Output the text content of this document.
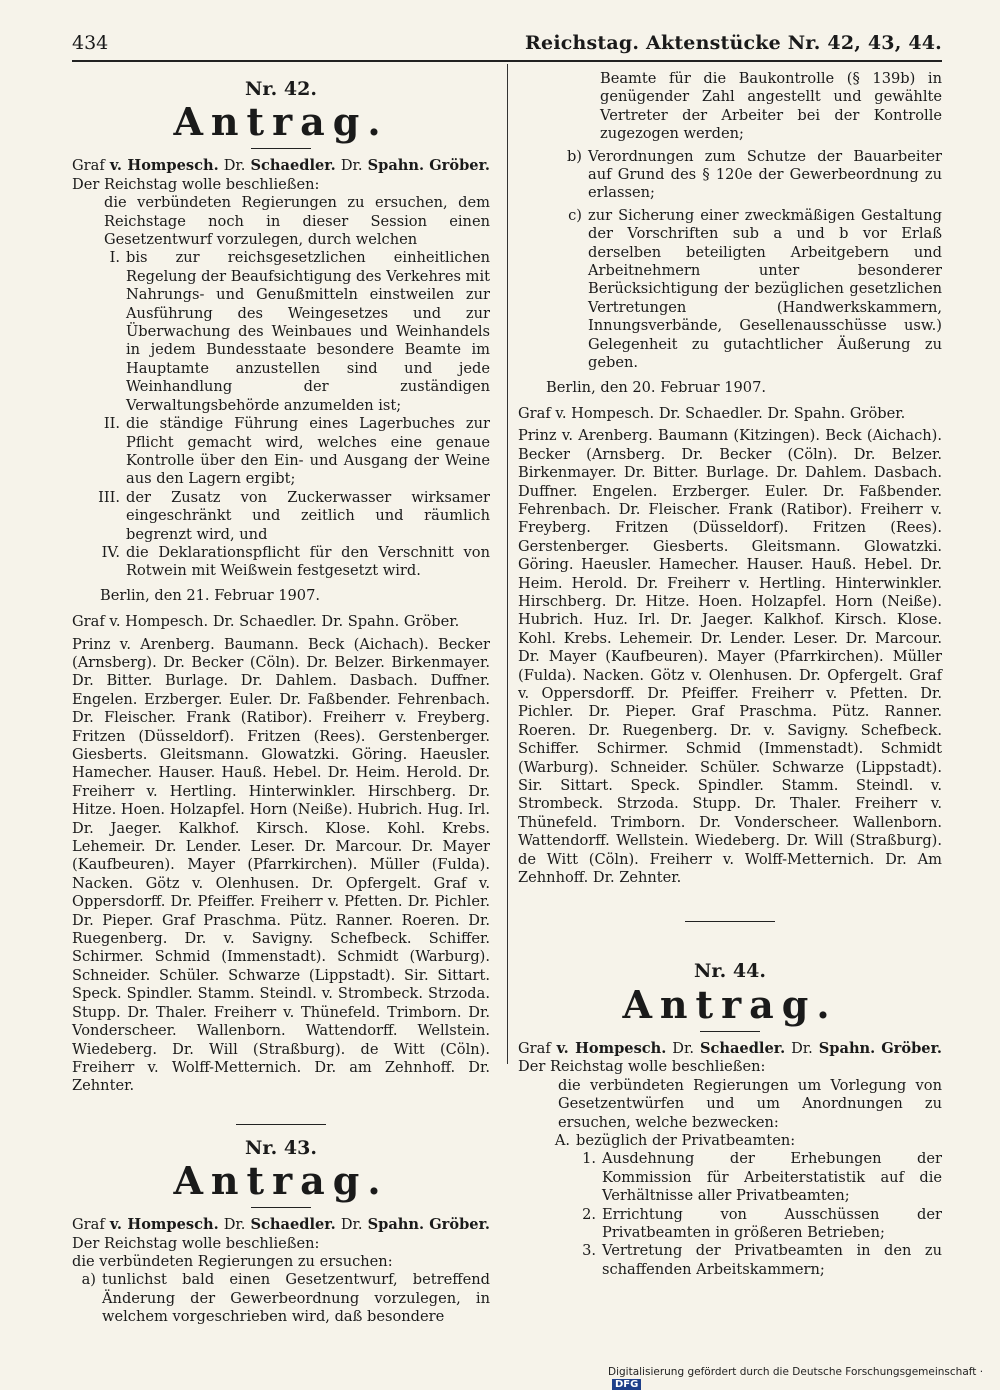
434	Reichstag. Aktenstücke Nr. 42, 43, 44.
Nr. 42.
Antrag.

Graf v. Hompesch. Dr. Schaedler. Dr. Spahn. Gröber. Der Reichstag wolle beschließen:

die verbündeten Regierungen zu ersuchen, dem Reichstage noch in dieser Session einen Gesetzentwurf vorzulegen, durch welchen

I. bis zur reichsgesetzlichen einheitlichen Regelung der Beaufsichtigung des Verkehres mit Nahrungs- und Genußmitteln einstweilen zur Ausführung des Weingesetzes und zur Überwachung des Weinbaues und Weinhandels in jedem Bundesstaate besondere Beamte im Hauptamte anzustellen sind und jede Weinhandlung der zuständigen Verwaltungsbehörde anzumelden ist;
II. die ständige Führung eines Lagerbuches zur Pflicht gemacht wird, welches eine genaue Kontrolle über den Ein- und Ausgang der Weine aus den Lagern ergibt;
III. der Zusatz von Zuckerwasser wirksamer eingeschränkt und zeitlich und räumlich begrenzt wird, und
IV. die Deklarationspflicht für den Verschnitt von Rotwein mit Weißwein festgesetzt wird.

Berlin, den 21. Februar 1907.

Graf v. Hompesch. Dr. Schaedler. Dr. Spahn. Gröber.

Prinz v. Arenberg. Baumann. Beck (Aichach). Becker (Arnsberg). Dr. Becker (Cöln). Dr. Belzer. Birkenmayer. Dr. Bitter. Burlage. Dr. Dahlem. Dasbach. Duffner. Engelen. Erzberger. Euler. Dr. Faßbender. Fehrenbach. Dr. Fleischer. Frank (Ratibor). Freiherr v. Freyberg. Fritzen (Düsseldorf). Fritzen (Rees). Gerstenberger. Giesberts. Gleitsmann. Glowatzki. Göring. Haeusler. Hamecher. Hauser. Hauß. Hebel. Dr. Heim. Herold. Dr. Freiherr v. Hertling. Hinterwinkler. Hirschberg. Dr. Hitze. Hoen. Holzapfel. Horn (Neiße). Hubrich. Hug. Irl. Dr. Jaeger. Kalkhof. Kirsch. Klose. Kohl. Krebs. Lehemeir. Dr. Lender. Leser. Dr. Marcour. Dr. Mayer (Kaufbeuren). Mayer (Pfarrkirchen). Müller (Fulda). Nacken. Götz v. Olenhusen. Dr. Opfergelt. Graf v. Oppersdorff. Dr. Pfeiffer. Freiherr v. Pfetten. Dr. Pichler. Dr. Pieper. Graf Praschma. Pütz. Ranner. Roeren. Dr. Ruegenberg. Dr. v. Savigny. Schefbeck. Schiffer. Schirmer. Schmid (Immenstadt). Schmidt (Warburg). Schneider. Schüler. Schwarze (Lippstadt). Sir. Sittart. Speck. Spindler. Stamm. Steindl. v. Strombeck. Strzoda. Stupp. Dr. Thaler. Freiherr v. Thünefeld. Trimborn. Dr. Vonderscheer. Wallenborn. Wattendorff. Wellstein. Wiedeberg. Dr. Will (Straßburg). de Witt (Cöln). Freiherr v. Wolff-Metternich. Dr. am Zehnhoff. Dr. Zehnter.

Nr. 43.
Antrag.

Graf v. Hompesch. Dr. Schaedler. Dr. Spahn. Gröber. Der Reichstag wolle beschließen:

die verbündeten Regierungen zu ersuchen:

a) tunlichst bald einen Gesetzentwurf, betreffend Änderung der Gewerbeordnung vorzulegen, in welchem vorgeschrieben wird, daß besondere

Beamte für die Baukontrolle (§ 139b) in genügender Zahl angestellt und gewählte Vertreter der Arbeiter bei der Kontrolle zugezogen werden;

b) Verordnungen zum Schutze der Bauarbeiter auf Grund des § 120e der Gewerbeordnung zu erlassen;
c) zur Sicherung einer zweckmäßigen Gestaltung der Vorschriften sub a und b vor Erlaß derselben beteiligten Arbeitgebern und Arbeitnehmern unter besonderer Berücksichtigung der bezüglichen gesetzlichen Vertretungen (Handwerkskammern, Innungsverbände, Gesellenausschüsse usw.) Gelegenheit zu gutachtlicher Äußerung zu geben.

Berlin, den 20. Februar 1907.

Graf v. Hompesch. Dr. Schaedler. Dr. Spahn. Gröber.

Prinz v. Arenberg. Baumann (Kitzingen). Beck (Aichach). Becker (Arnsberg. Dr. Becker (Cöln). Dr. Belzer. Birkenmayer. Dr. Bitter. Burlage. Dr. Dahlem. Dasbach. Duffner. Engelen. Erzberger. Euler. Dr. Faßbender. Fehrenbach. Dr. Fleischer. Frank (Ratibor). Freiherr v. Freyberg. Fritzen (Düsseldorf). Fritzen (Rees). Gerstenberger. Giesberts. Gleitsmann. Glowatzki. Göring. Haeusler. Hamecher. Hauser. Hauß. Hebel. Dr. Heim. Herold. Dr. Freiherr v. Hertling. Hinterwinkler. Hirschberg. Dr. Hitze. Hoen. Holzapfel. Horn (Neiße). Hubrich. Huz. Irl. Dr. Jaeger. Kalkhof. Kirsch. Klose. Kohl. Krebs. Lehemeir. Dr. Lender. Leser. Dr. Marcour. Dr. Mayer (Kaufbeuren). Mayer (Pfarrkirchen). Müller (Fulda). Nacken. Götz v. Olenhusen. Dr. Opfergelt. Graf v. Oppersdorff. Dr. Pfeiffer. Freiherr v. Pfetten. Dr. Pichler. Dr. Pieper. Graf Praschma. Pütz. Ranner. Roeren. Dr. Ruegenberg. Dr. v. Savigny. Schefbeck. Schiffer. Schirmer. Schmid (Immenstadt). Schmidt (Warburg). Schneider. Schüler. Schwarze (Lippstadt). Sir. Sittart. Speck. Spindler. Stamm. Steindl. v. Strombeck. Strzoda. Stupp. Dr. Thaler. Freiherr v. Thünefeld. Trimborn. Dr. Vonderscheer. Wallenborn. Wattendorff. Wellstein. Wiedeberg. Dr. Will (Straßburg). de Witt (Cöln). Freiherr v. Wolff-Metternich. Dr. Am Zehnhoff. Dr. Zehnter.

Nr. 44.
Antrag.

Graf v. Hompesch. Dr. Schaedler. Dr. Spahn. Gröber. Der Reichstag wolle beschließen:

die verbündeten Regierungen um Vorlegung von Gesetzentwürfen und um Anordnungen zu ersuchen, welche bezwecken:

A. bezüglich der Privatbeamten:
1. Ausdehnung der Erhebungen der Kommission für Arbeiterstatistik auf die Verhältnisse aller Privatbeamten;
2. Errichtung von Ausschüssen der Privatbeamten in größeren Betrieben;
3. Vertretung der Privatbeamten in den zu schaffenden Arbeitskammern;
Digitalisierung gefördert durch die Deutsche Forschungsgemeinschaft ·DFG
